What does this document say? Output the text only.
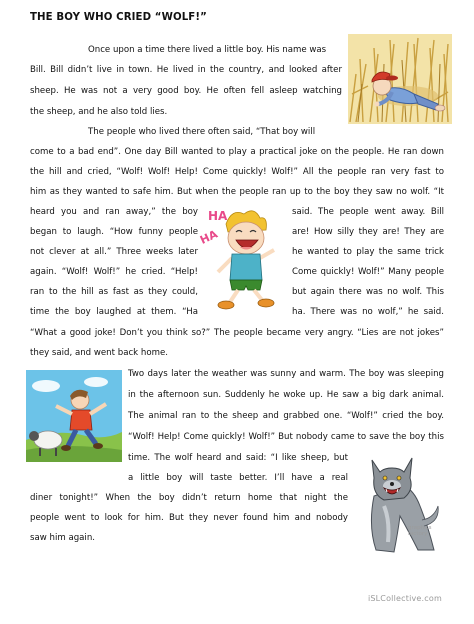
THE BOY WHO CRIED “WOLF!”
Once upon a time there lived a little boy. His name was
Bill. Bill didn’t live in town. He lived in the country, and looked after
sheep. He was not a very good boy. He often fell asleep watching
the sheep, and he also told lies.
The people who lived there often said, “That boy will
come to a bad end”. One day Bill wanted to play a practical joke on the people. He ran down
the hill and cried, “Wolf! Wolf! Help! Come quickly! Wolf!” All the people ran very fast to
him as they wanted to safe him. But when the people ran up to the boy they saw no wolf. “It
heard you and ran away,” the boy	said. The people went away. Bill
began to laugh. “How funny people	are! How silly they are! They are
not clever at all.” Three weeks later	he wanted to play the same trick
again. “Wolf! Wolf!” he cried. “Help!	Come quickly! Wolf!” Many people
ran to the hill as fast as they could,	but again there was no wolf. This
time the boy laughed at them. “Ha	ha. There was no wolf,” he said.
“What a good joke! Don’t you think so?” The people became very angry. “Lies are not jokes”
they said, and went back home.
Two days later the weather was sunny and warm. The boy was sleeping
in the afternoon sun. Suddenly he woke up. He saw a big dark animal.
The animal ran to the sheep and grabbed one. “Wolf!” cried the boy.
“Wolf! Help! Come quickly! Wolf!” But nobody came to save the boy this
time. The wolf heard and said: “I like sheep, but
a little boy will taste better. I’ll have a real
diner tonight!” When the boy didn’t return home that night the
people went to look for him. But they never found him and nobody
saw him again.
HA
HA
graphics
factory
iSLCollective.com
